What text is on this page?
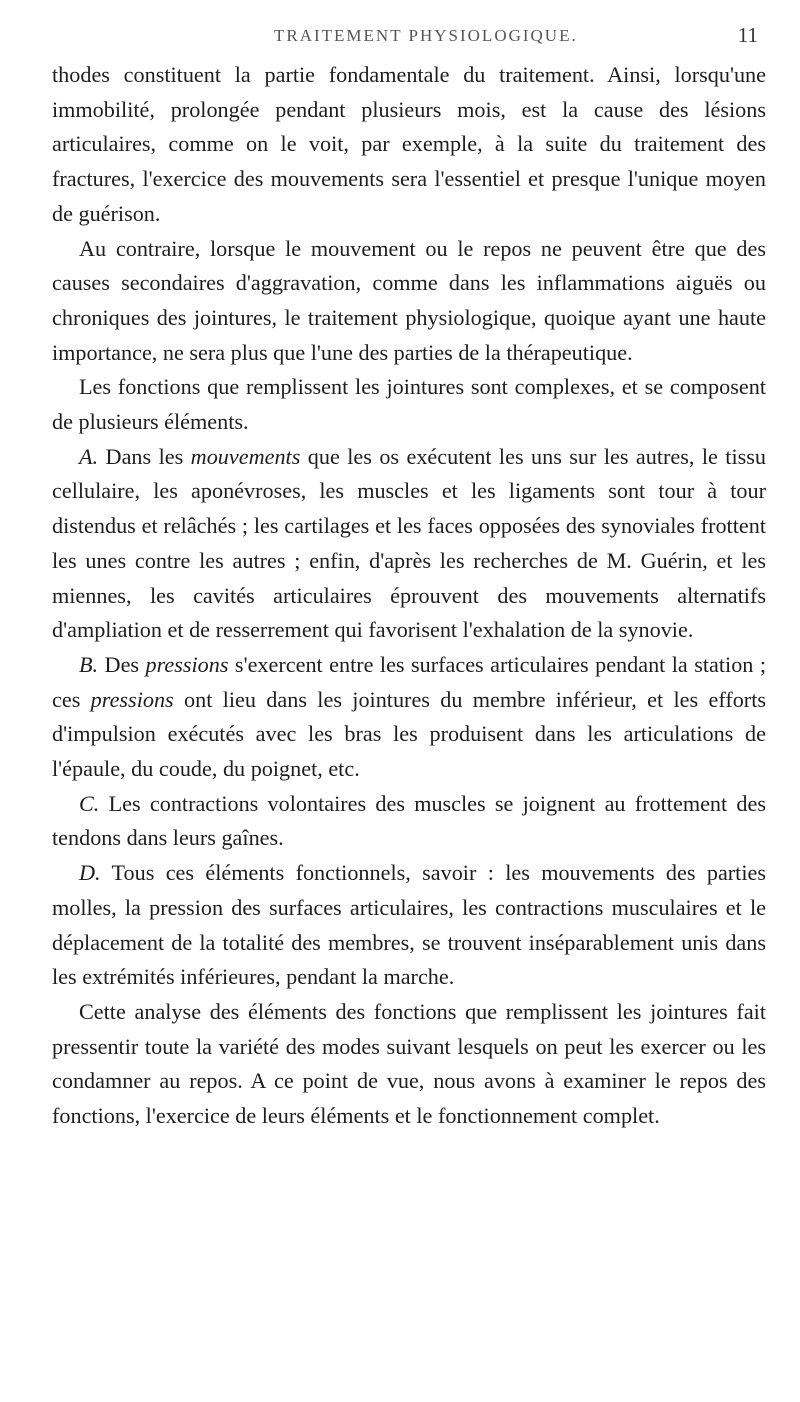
TRAITEMENT PHYSIOLOGIQUE.	11

thodes constituent la partie fondamentale du traitement. Ainsi, lorsqu'une immobilité, prolongée pendant plusieurs mois, est la cause des lésions articulaires, comme on le voit, par exemple, à la suite du traitement des fractures, l'exercice des mouvements sera l'essentiel et presque l'unique moyen de guérison.

Au contraire, lorsque le mouvement ou le repos ne peuvent être que des causes secondaires d'aggravation, comme dans les inflammations aiguës ou chroniques des jointures, le traitement physiologique, quoique ayant une haute importance, ne sera plus que l'une des parties de la thérapeutique.

Les fonctions que remplissent les jointures sont complexes, et se composent de plusieurs éléments.

A. Dans les mouvements que les os exécutent les uns sur les autres, le tissu cellulaire, les aponévroses, les muscles et les ligaments sont tour à tour distendus et relâchés ; les cartilages et les faces opposées des synoviales frottent les unes contre les autres ; enfin, d'après les recherches de M. Guérin, et les miennes, les cavités articulaires éprouvent des mouvements alternatifs d'ampliation et de resserrement qui favorisent l'exhalation de la synovie.

B. Des pressions s'exercent entre les surfaces articulaires pendant la station ; ces pressions ont lieu dans les jointures du membre inférieur, et les efforts d'impulsion exécutés avec les bras les produisent dans les articulations de l'épaule, du coude, du poignet, etc.

C. Les contractions volontaires des muscles se joignent au frottement des tendons dans leurs gaînes.

D. Tous ces éléments fonctionnels, savoir : les mouvements des parties molles, la pression des surfaces articulaires, les contractions musculaires et le déplacement de la totalité des membres, se trouvent inséparablement unis dans les extrémités inférieures, pendant la marche.

Cette analyse des éléments des fonctions que remplissent les jointures fait pressentir toute la variété des modes suivant lesquels on peut les exercer ou les condamner au repos. A ce point de vue, nous avons à examiner le repos des fonctions, l'exercice de leurs éléments et le fonctionnement complet.
